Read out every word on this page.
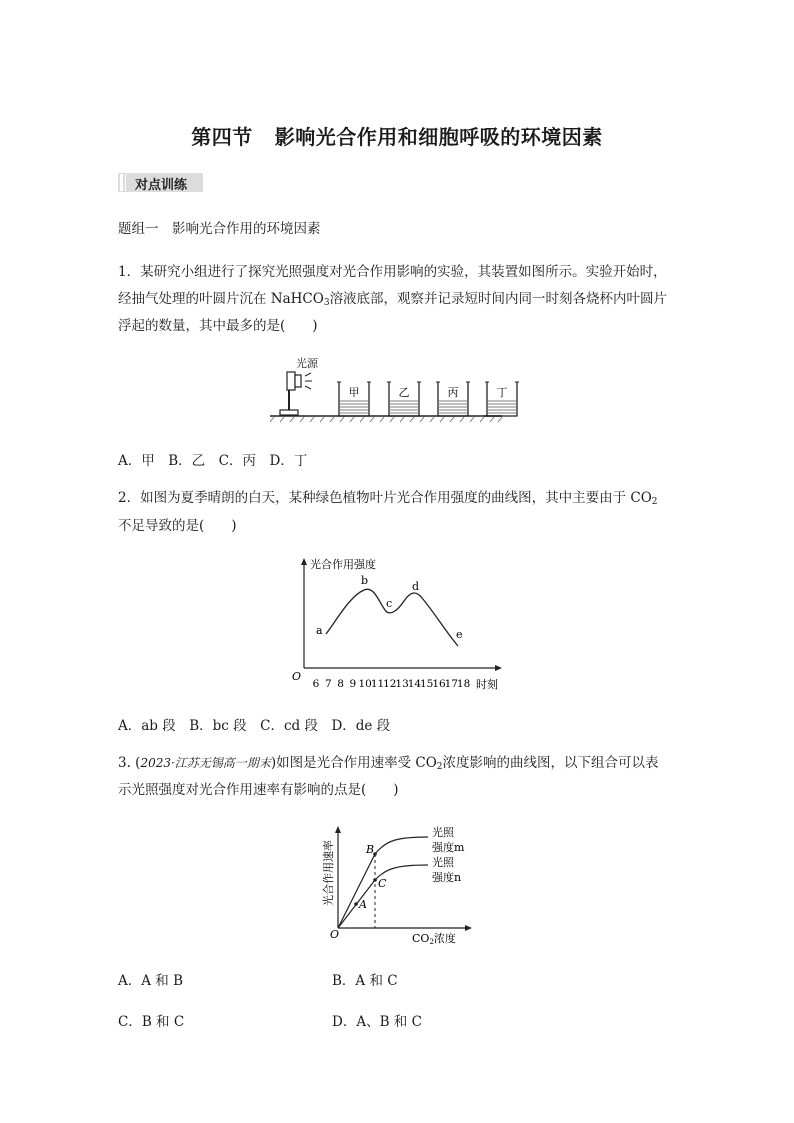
第四节 影响光合作用和细胞呼吸的环境因素
对点训练
题组一　影响光合作用的环境因素
1．某研究小组进行了探究光照强度对光合作用影响的实验，其装置如图所示。实验开始时，
经抽气处理的叶圆片沉在 NaHCO$_3$溶液底部，观察并记录短时间内同一时刻各烧杯内叶圆片
浮起的数量，其中最多的是(　　)
光源
甲	乙	丙	丁
A．甲　B．乙　C．丙　D．丁
2．如图为夏季晴朗的白天，某种绿色植物叶片光合作用强度的曲线图，其中主要由于 $CO_2$
不足导致的是(　　)
光合作用强度
O
6 7 8 9 10
11
12
13
14
15
16
17
18 时刻
a
b
c
d
e
A．ab 段　B．bc 段　C．cd 段　D．de 段
3. (2023·江苏无锡高一期末)如图是光合作用速率受 $CO_2$浓度影响的曲线图，以下组合可以表
示光照强度对光合作用速率有影响的点是(　　)
光合作用速率
O	CO2浓度
B
C
A
光照
强度m
光照
强度n
A．A 和 B	B．A 和 C
C．B 和 C	D．A、B 和 C
